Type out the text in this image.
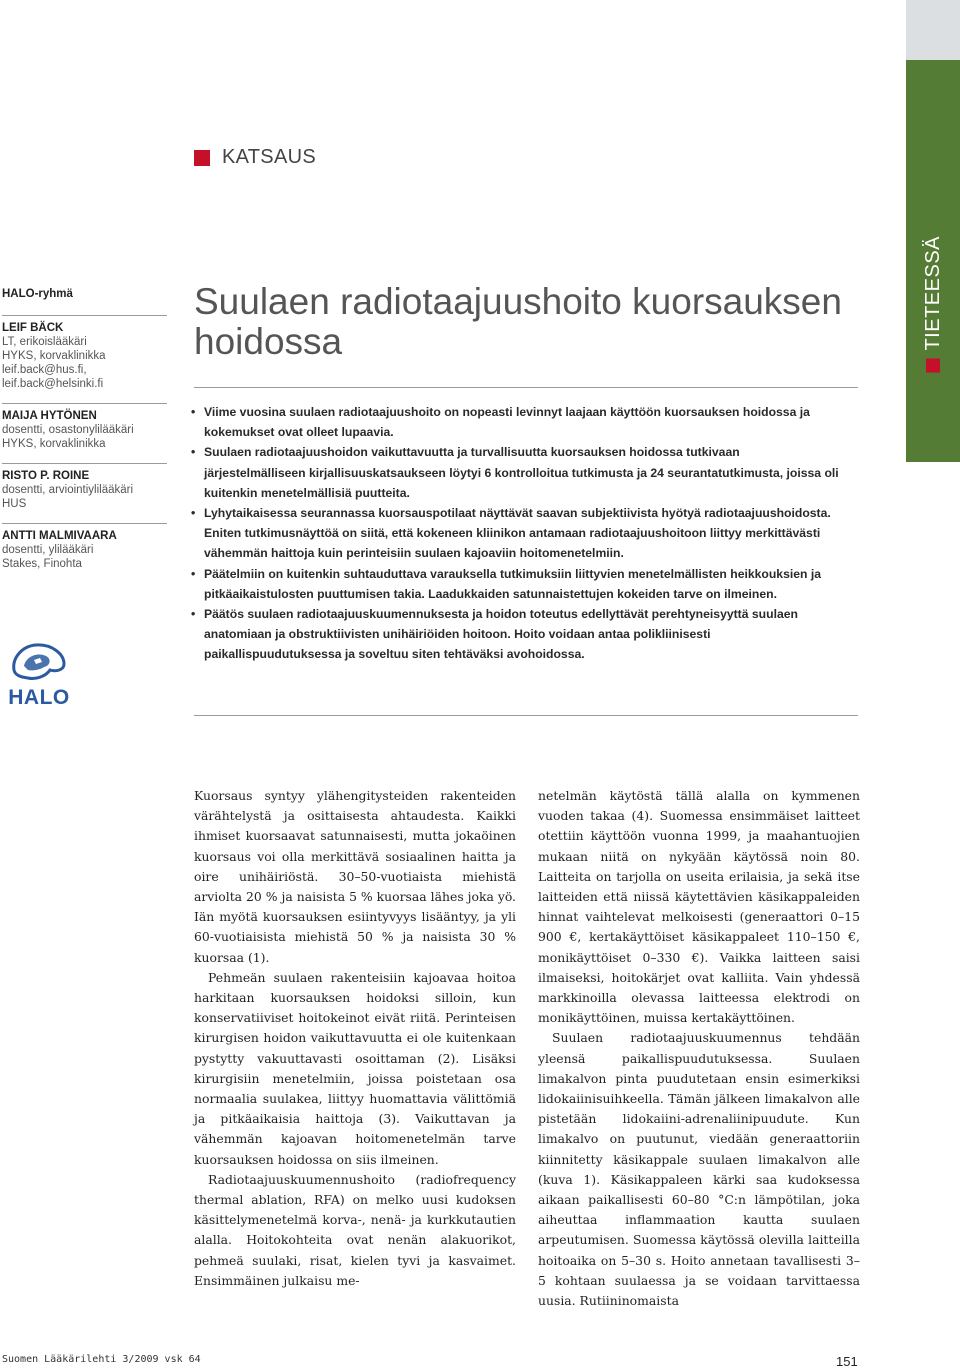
TIETEESSÄ
KATSAUS
HALO-ryhmä
LEIF BÄCK
LT, erikoislääkäri
HYKS, korvaklinikka
leif.back@hus.fi,
leif.back@helsinki.fi
MAIJA HYTÖNEN
dosentti, osastonylilääkäri
HYKS, korvaklinikka
RISTO P. ROINE
dosentti, arviointiylilääkäri
HUS
ANTTI MALMIVAARA
dosentti, ylilääkäri
Stakes, Finohta
HALO
Suulaen radiotaajuushoito kuorsauksen hoidossa
• Viime vuosina suulaen radiotaajuushoito on nopeasti levinnyt laajaan käyttöön kuorsauksen hoidossa ja kokemukset ovat olleet lupaavia.
• Suulaen radiotaajuushoidon vaikuttavuutta ja turvallisuutta kuorsauksen hoidossa tutkivaan järjestelmälliseen kirjallisuuskatsaukseen löytyi 6 kontrolloitua tutkimusta ja 24 seurantatutkimusta, joissa oli kuitenkin menetelmällisiä puutteita.
• Lyhytaikaisessa seurannassa kuorsauspotilaat näyttävät saavan subjektiivista hyötyä radiotaajuushoidosta. Eniten tutkimusnäyttöä on siitä, että kokeneen kliinikon antamaan radiotaajuushoitoon liittyy merkittävästi vähemmän haittoja kuin perinteisiin suulaen kajoaviin hoitomenetelmiin.
• Päätelmiin on kuitenkin suhtauduttava varauksella tutkimuksiin liittyvien menetelmällisten heikkouksien ja pitkäaikaistulosten puuttumisen takia. Laadukkaiden satunnaistettujen kokeiden tarve on ilmeinen.
• Päätös suulaen radiotaajuuskuumennuksesta ja hoidon toteutus edellyttävät perehtyneisyyttä suulaen anatomiaan ja obstruktiivisten unihäiriöiden hoitoon. Hoito voidaan antaa polikliinisesti paikallispuudutuksessa ja soveltuu siten tehtäväksi avohoidossa.

Kuorsaus syntyy ylähengitysteiden rakenteiden värähtelystä ja osittaisesta ahtaudesta. Kaikki ihmiset kuorsaavat satunnaisesti, mutta jokaöinen kuorsaus voi olla merkittävä sosiaalinen haitta ja oire unihäiriöstä. 30–50-vuotiaista miehistä arviolta 20 % ja naisista 5 % kuorsaa lähes joka yö. Iän myötä kuorsauksen esiintyvyys lisääntyy, ja yli 60-vuotiaisista miehistä 50 % ja naisista 30 % kuorsaa (1).

Pehmeän suulaen rakenteisiin kajoavaa hoitoa harkitaan kuorsauksen hoidoksi silloin, kun konservatiiviset hoitokeinot eivät riitä. Perinteisen kirurgisen hoidon vaikuttavuutta ei ole kuitenkaan pystytty vakuuttavasti osoittaman (2). Lisäksi kirurgisiin menetelmiin, joissa poistetaan osa normaalia suulakea, liittyy huomattavia välittömiä ja pitkäaikaisia haittoja (3). Vaikuttavan ja vähemmän kajoavan hoitomenetelmän tarve kuorsauksen hoidossa on siis ilmeinen.

Radiotaajuuskuumennushoito (radiofrequency thermal ablation, RFA) on melko uusi kudoksen käsittelymenetelmä korva-, nenä- ja kurkkutautien alalla. Hoitokohteita ovat nenän alakuorikot, pehmeä suulaki, risat, kielen tyvi ja kasvaimet. Ensimmäinen julkaisu me-

netelmän käytöstä tällä alalla on kymmenen vuoden takaa (4). Suomessa ensimmäiset laitteet otettiin käyttöön vuonna 1999, ja maahantuojien mukaan niitä on nykyään käytössä noin 80. Laitteita on tarjolla on useita erilaisia, ja sekä itse laitteiden että niissä käytettävien käsikappaleiden hinnat vaihtelevat melkoisesti (generaattori 0–15 900 €, kertakäyttöiset käsikappaleet 110–150 €, monikäyttöiset 0–330 €). Vaikka laitteen saisi ilmaiseksi, hoitokärjet ovat kalliita. Vain yhdessä markkinoilla olevassa laitteessa elektrodi on monikäyttöinen, muissa kertakäyttöinen.

Suulaen radiotaajuuskuumennus tehdään yleensä paikallispuudutuksessa. Suulaen limakalvon pinta puudutetaan ensin esimerkiksi lidokaiinisuihkeella. Tämän jälkeen limakalvon alle pistetään lidokaiini-adrenaliinipuudute. Kun limakalvo on puutunut, viedään generaattoriin kiinnitetty käsikappale suulaen limakalvon alle (kuva 1). Käsikappaleen kärki saa kudoksessa aikaan paikallisesti 60–80 °C:n lämpötilan, joka aiheuttaa inflammaation kautta suulaen arpeutumisen. Suomessa käytössä olevilla laitteilla hoitoaika on 5–30 s. Hoito annetaan tavallisesti 3–5 kohtaan suulaessa ja se voidaan tarvittaessa uusia. Rutiininomaista

Suomen Lääkärilehti 3/2009 vsk 64	151
